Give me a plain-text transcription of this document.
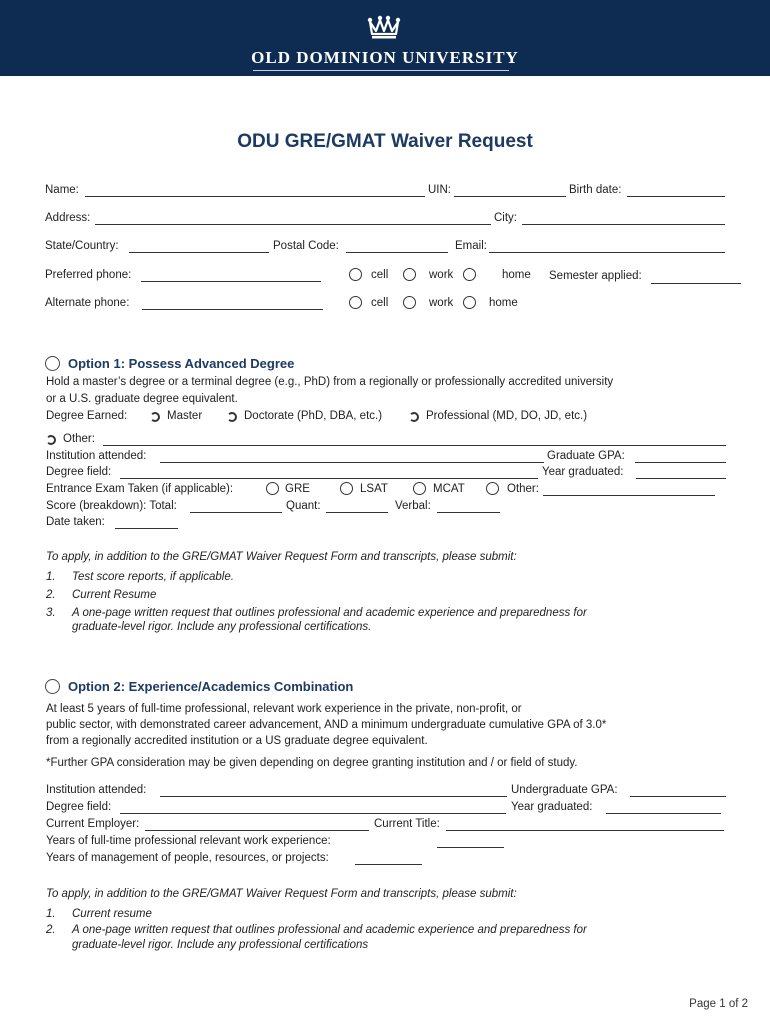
OLD DOMINION UNIVERSITY
ODU GRE/GMAT Waiver Request
Name:	UIN:	Birth date:
Address:	City:
State/Country:	Postal Code:	Email:
Preferred phone:	cell	work	home Semester applied:
Alternate phone:	cell	work	home
Option 1: Possess Advanced Degree
Hold a master’s degree or a terminal degree (e.g., PhD) from a regionally or professionally accredited university
or a U.S. graduate degree equivalent.
Degree Earned:	Master	Doctorate (PhD, DBA, etc.)	Professional (MD, DO, JD, etc.)
Other:
Institution attended:	Graduate GPA:
Degree field:	Year graduated:
Entrance Exam Taken (if applicable):	GRE	LSAT	MCAT	Other:
Score (breakdown): Total:	Quant:	Verbal:
Date taken:
To apply, in addition to the GRE/GMAT Waiver Request Form and transcripts, please submit:
1. Test score reports, if applicable.
2. Current Resume
3. A one-page written request that outlines professional and academic experience and preparedness for
graduate-level rigor. Include any professional certifications.
Option 2: Experience/Academics Combination
At least 5 years of full-time professional, relevant work experience in the private, non-profit, or
public sector, with demonstrated career advancement, AND a minimum undergraduate cumulative GPA of 3.0*
from a regionally accredited institution or a US graduate degree equivalent.
*Further GPA consideration may be given depending on degree granting institution and / or field of study.
Institution attended:	Undergraduate GPA:
Degree field:	Year graduated:
Current Employer:	Current Title:
Years of full-time professional relevant work experience:
Years of management of people, resources, or projects:
To apply, in addition to the GRE/GMAT Waiver Request Form and transcripts, please submit:
1. Current resume
2. A one-page written request that outlines professional and academic experience and preparedness for
graduate-level rigor. Include any professional certifications
Page 1 of 2
